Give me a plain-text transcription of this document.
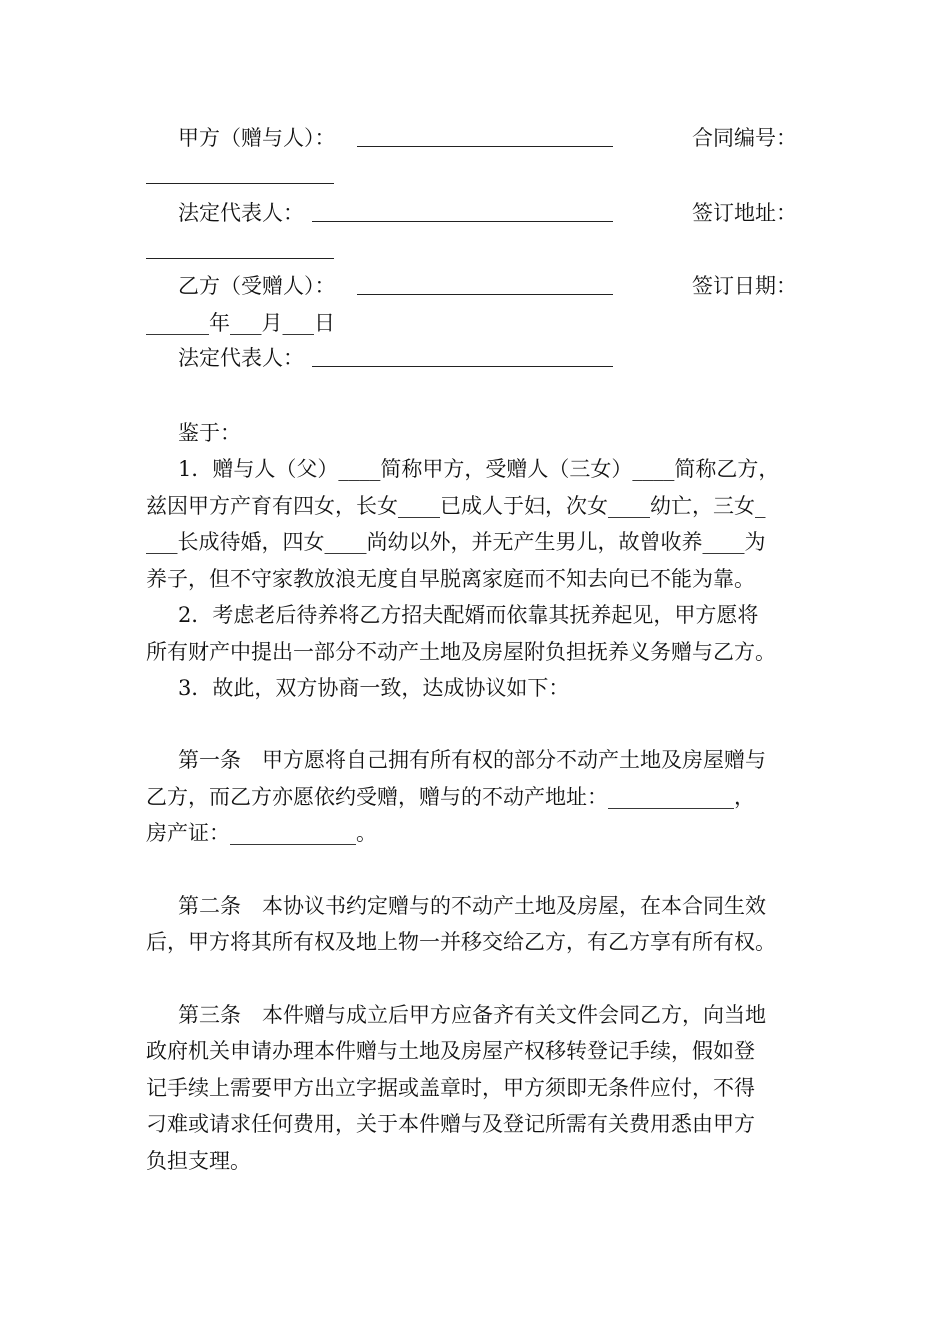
甲方（赠与人）：	合同编号：
法定代表人：	签订地址：
乙方（受赠人）：	签订日期：
______年___月___日
法定代表人：
鉴于：
1．赠与人（父）____简称甲方，受赠人（三女）____简称乙方，
兹因甲方产育有四女，长女____已成人于妇，次女____幼亡，三女_
___长成待婚，四女____尚幼以外，并无产生男儿，故曾收养____为
养子，但不守家教放浪无度自早脱离家庭而不知去向已不能为靠。
2．考虑老后待养将乙方招夫配婿而依靠其抚养起见，甲方愿将
所有财产中提出一部分不动产土地及房屋附负担抚养义务赠与乙方。
3．故此，双方协商一致，达成协议如下：
第一条　甲方愿将自己拥有所有权的部分不动产土地及房屋赠与
乙方，而乙方亦愿依约受赠，赠与的不动产地址：____________，
房产证：____________。
第二条　本协议书约定赠与的不动产土地及房屋，在本合同生效
后，甲方将其所有权及地上物一并移交给乙方，有乙方享有所有权。
第三条　本件赠与成立后甲方应备齐有关文件会同乙方，向当地
政府机关申请办理本件赠与土地及房屋产权移转登记手续，假如登
记手续上需要甲方出立字据或盖章时，甲方须即无条件应付，不得
刁难或请求任何费用，关于本件赠与及登记所需有关费用悉由甲方
负担支理。
